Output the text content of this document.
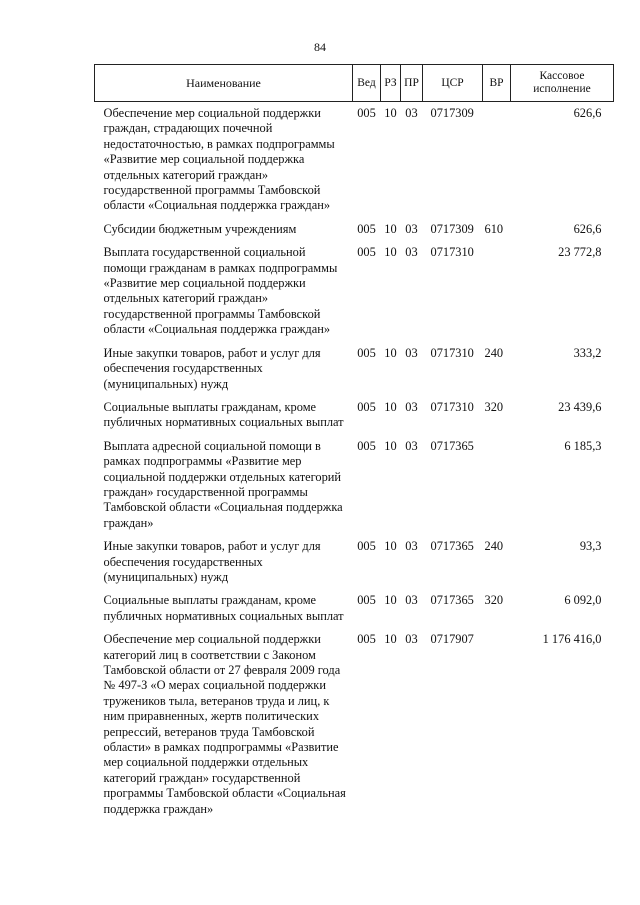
84
Наименование	Вед	РЗ	ПР	ЦСР	ВР	Кассовое исполнение
Обеспечение мер социальной поддержки граждан, страдающих почечной недостаточностью, в рамках подпрограммы «Развитие мер социальной поддержка отдельных категорий граждан» государственной программы Тамбовской области «Социальная поддержка граждан»	005	10	03	0717309		626,6
Субсидии бюджетным учреждениям	005	10	03	0717309	610	626,6
Выплата государственной социальной помощи гражданам в рамках подпрограммы «Развитие мер социальной поддержки отдельных категорий граждан» государственной программы Тамбовской области «Социальная поддержка граждан»	005	10	03	0717310		23 772,8
Иные закупки товаров, работ и услуг для обеспечения государственных (муниципальных) нужд	005	10	03	0717310	240	333,2
Социальные выплаты гражданам, кроме публичных нормативных социальных выплат	005	10	03	0717310	320	23 439,6
Выплата адресной социальной помощи в рамках подпрограммы «Развитие мер социальной поддержки отдельных категорий граждан» государственной программы Тамбовской области «Социальная поддержка граждан»	005	10	03	0717365		6 185,3
Иные закупки товаров, работ и услуг для обеспечения государственных (муниципальных) нужд	005	10	03	0717365	240	93,3
Социальные выплаты гражданам, кроме публичных нормативных социальных выплат	005	10	03	0717365	320	6 092,0
Обеспечение мер социальной поддержки категорий лиц в соответствии с Законом Тамбовской области от 27 февраля 2009 года № 497-З «О мерах социальной поддержки тружеников тыла, ветеранов труда и лиц, к ним приравненных, жертв политических репрессий, ветеранов труда Тамбовской области» в рамках подпрограммы «Развитие мер социальной поддержки отдельных категорий граждан» государственной программы Тамбовской области «Социальная поддержка граждан»	005	10	03	0717907		1 176 416,0
